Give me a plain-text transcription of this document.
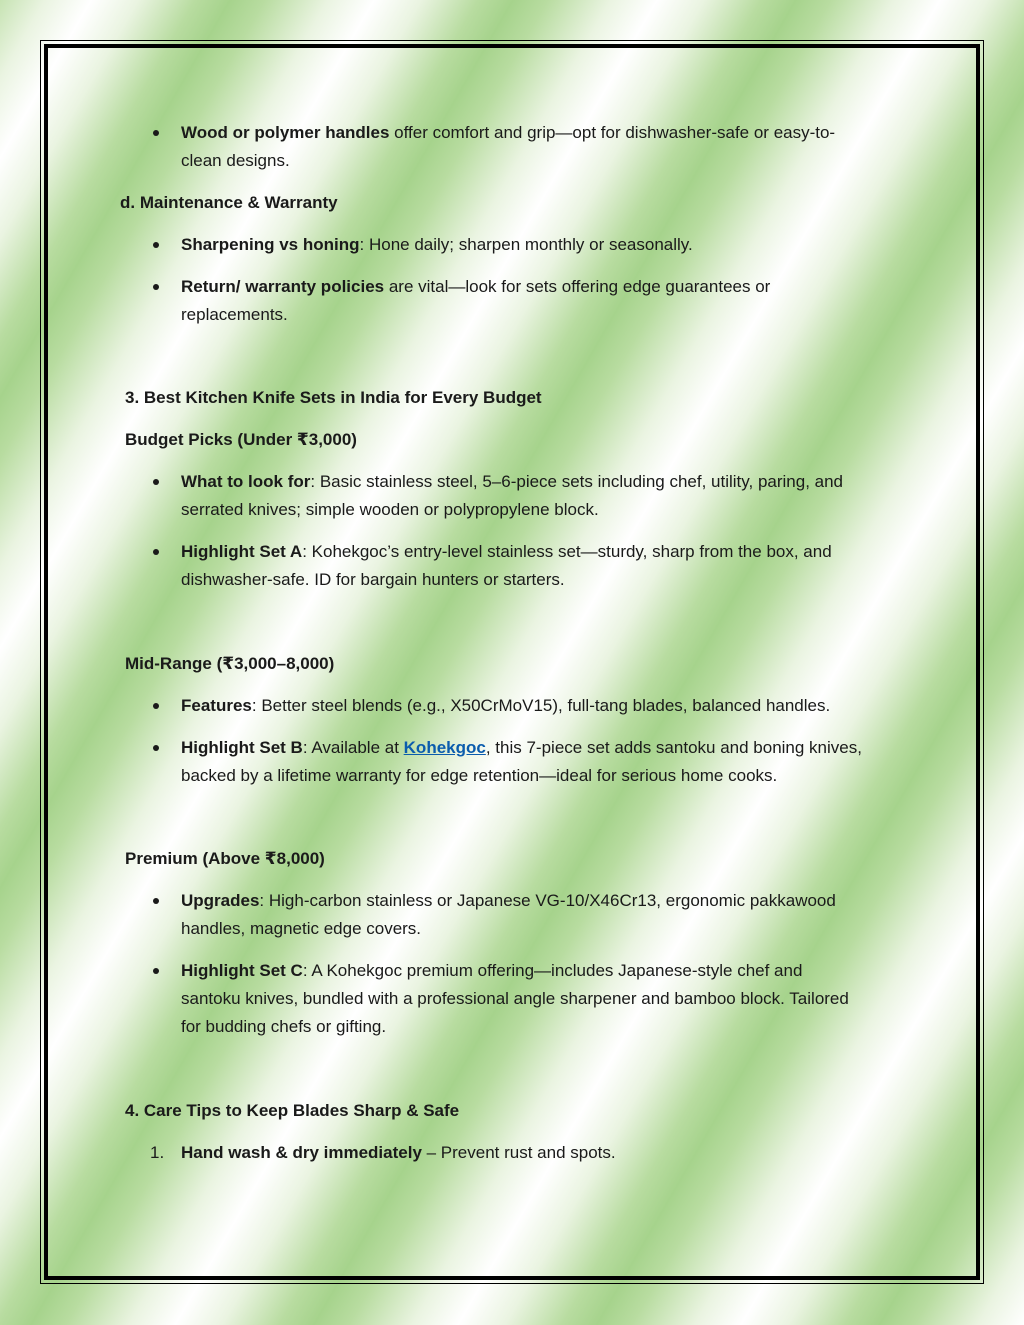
Wood or polymer handles offer comfort and grip—opt for dishwasher-safe or easy-to-
clean designs.
d. Maintenance & Warranty
Sharpening vs honing: Hone daily; sharpen monthly or seasonally.
Return/ warranty policies are vital—look for sets offering edge guarantees or
replacements.
3. Best Kitchen Knife Sets in India for Every Budget
Budget Picks (Under ₹3,000)
What to look for: Basic stainless steel, 5–6-piece sets including chef, utility, paring, and
serrated knives; simple wooden or polypropylene block.
Highlight Set A: Kohekgoc’s entry-level stainless set—sturdy, sharp from the box, and
dishwasher-safe. ID for bargain hunters or starters.
Mid-Range (₹3,000–8,000)
Features: Better steel blends (e.g., X50CrMoV15), full-tang blades, balanced handles.
Highlight Set B: Available at Kohekgoc, this 7-piece set adds santoku and boning knives,
backed by a lifetime warranty for edge retention—ideal for serious home cooks.
Premium (Above ₹8,000)
Upgrades: High-carbon stainless or Japanese VG-10/X46Cr13, ergonomic pakkawood
handles, magnetic edge covers.
Highlight Set C: A Kohekgoc premium offering—includes Japanese-style chef and
santoku knives, bundled with a professional angle sharpener and bamboo block. Tailored
for budding chefs or gifting.
4. Care Tips to Keep Blades Sharp & Safe
1. Hand wash & dry immediately – Prevent rust and spots.
